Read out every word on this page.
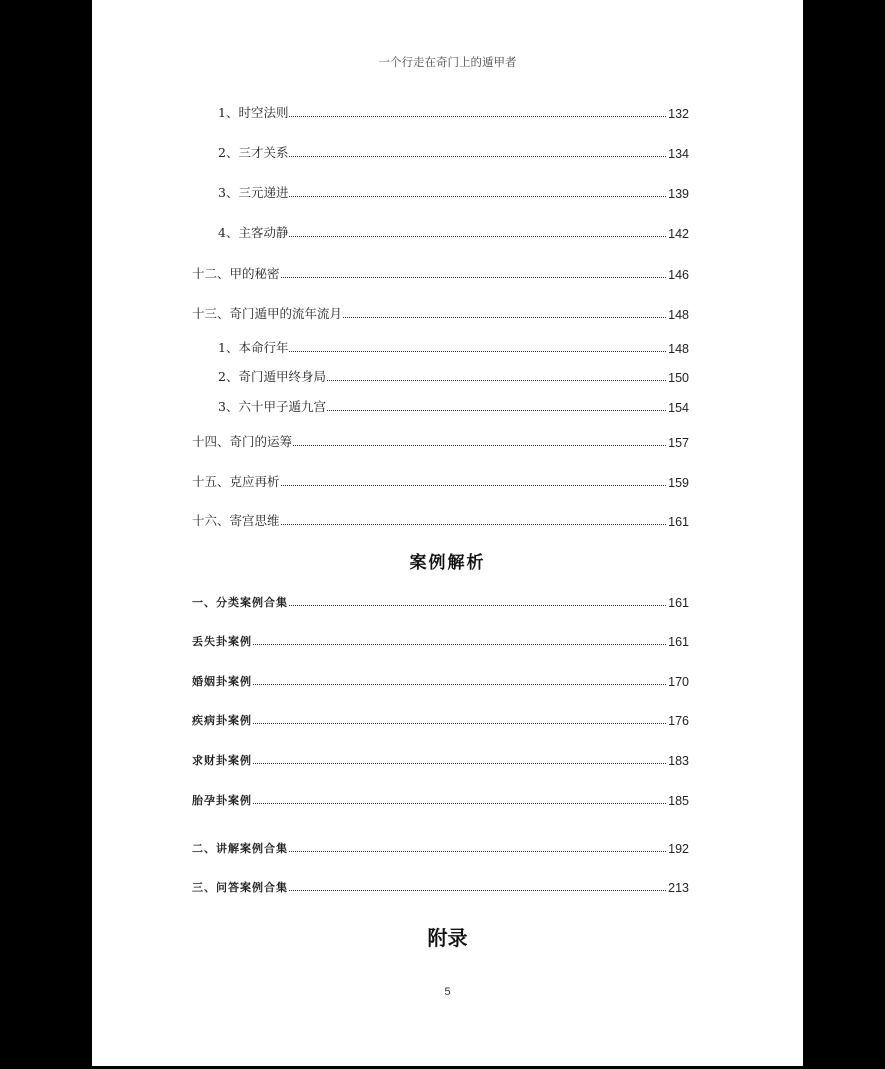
一个行走在奇门上的遁甲者
1、时空法则	132
2、三才关系	134
3、三元递进	139
4、主客动静	142
十二、甲的秘密	146
十三、奇门遁甲的流年流月	148
1、本命行年	148
2、奇门遁甲终身局	150
3、六十甲子遁九宫	154
十四、奇门的运筹	157
十五、克应再析	159
十六、寄宫思维	161
案例解析
一、分类案例合集	161
丢失卦案例	161
婚姻卦案例	170
疾病卦案例	176
求财卦案例	183
胎孕卦案例	185
二、讲解案例合集	192
三、问答案例合集	213
附录
5
